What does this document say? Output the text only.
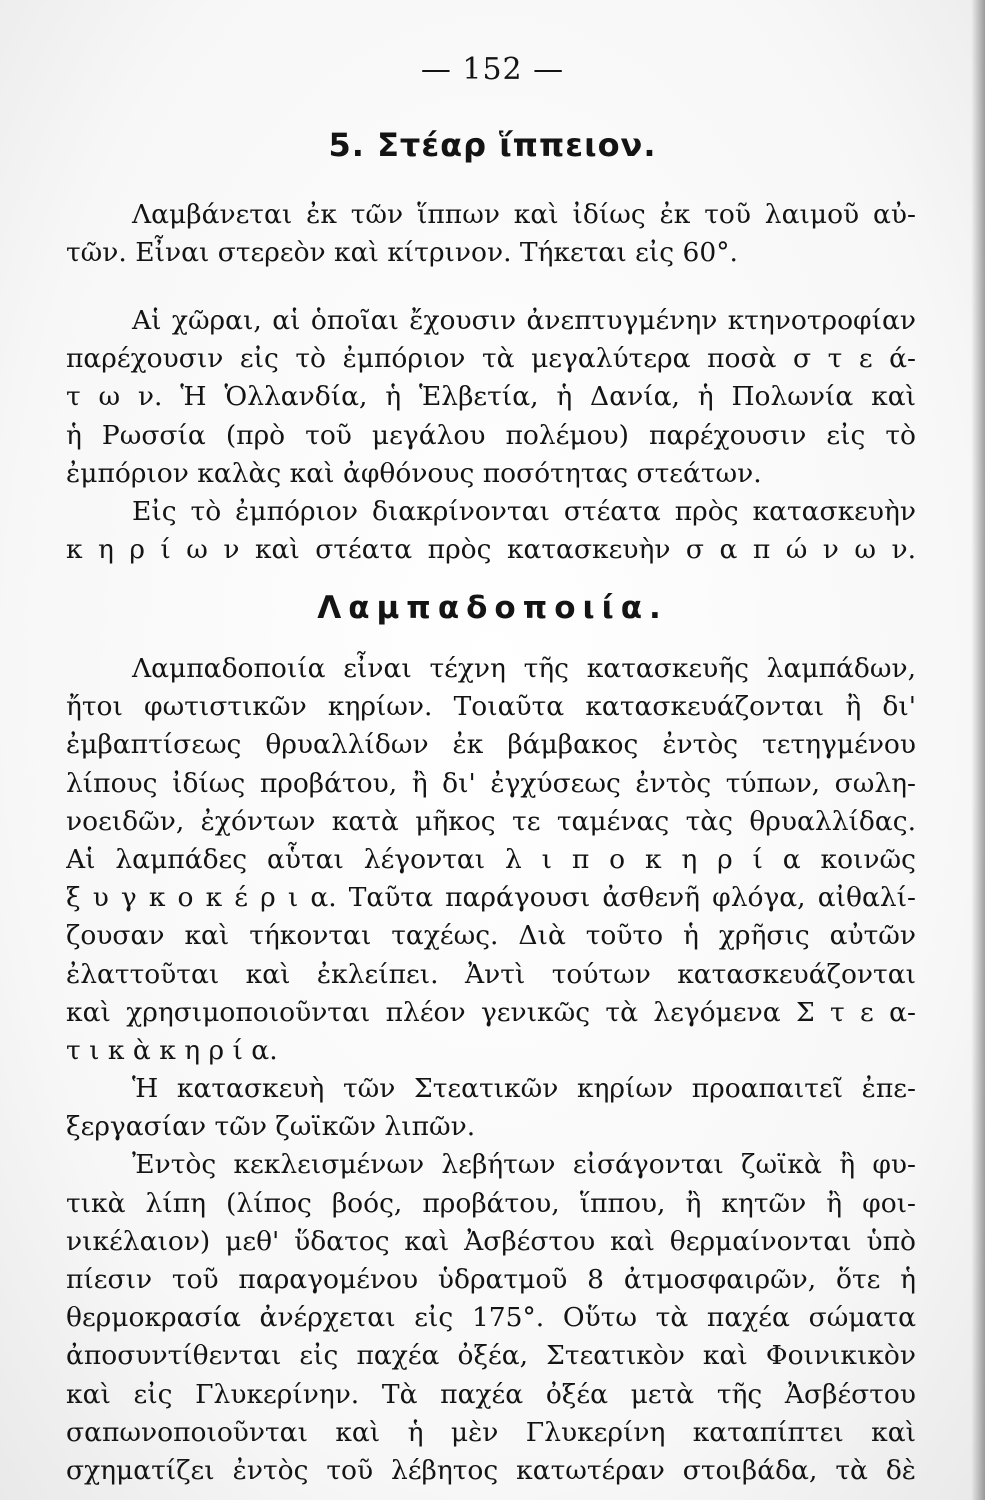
— 152 —
5. Στέαρ ἵππειον.
Λαμβάνεται ἐκ τῶν ἵππων καὶ ἰδίως ἐκ τοῦ λαιμοῦ αὐ-
τῶν. Εἶναι στερεὸν καὶ κίτρινον. Τήκεται εἰς 60°.
Αἱ χῶραι, αἱ ὁποῖαι ἔχουσιν ἀνεπτυγμένην κτηνοτροφίαν
παρέχουσιν εἰς τὸ ἐμπόριον τὰ μεγαλύτερα ποσὰ σ τ ε ά-
τ ω ν. Ἡ Ὁλλανδία, ἡ Ἑλβετία, ἡ Δανία, ἡ Πολωνία καὶ
ἡ Ρωσσία (πρὸ τοῦ μεγάλου πολέμου) παρέχουσιν εἰς τὸ
ἐμπόριον καλὰς καὶ ἀφθόνους ποσότητας στεάτων.
Εἰς τὸ ἐμπόριον διακρίνονται στέατα πρὸς κατασκευὴν
κ η ρ ί ω ν καὶ στέατα πρὸς κατασκευὴν σ α π ώ ν ω ν.
Λαμπαδοποιία.
Λαμπαδοποιία εἶναι τέχνη τῆς κατασκευῆς λαμπάδων,
ἤτοι φωτιστικῶν κηρίων. Τοιαῦτα κατασκευάζονται ἢ δι'
ἐμβαπτίσεως θρυαλλίδων ἐκ βάμβακος ἐντὸς τετηγμένου
λίπους ἰδίως προβάτου, ἢ δι' ἐγχύσεως ἐντὸς τύπων, σωλη-
νοειδῶν, ἐχόντων κατὰ μῆκος τε ταμένας τὰς θρυαλλίδας.
Αἱ λαμπάδες αὗται λέγονται λ ι π ο κ η ρ ί α κοινῶς
ξ υ γ κ ο κ έ ρ ι α. Ταῦτα παράγουσι ἀσθενῆ φλόγα, αἰθαλί-
ζουσαν καὶ τήκονται ταχέως. Διὰ τοῦτο ἡ χρῆσις αὐτῶν
ἐλαττοῦται καὶ ἐκλείπει. Ἀντὶ τούτων κατασκευάζονται
καὶ χρησιμοποιοῦνται πλέον γενικῶς τὰ λεγόμενα Σ τ ε α-
τ ι κ ὰ κ η ρ ί α.
Ἡ κατασκευὴ τῶν Στεατικῶν κηρίων προαπαιτεῖ ἐπε-
ξεργασίαν τῶν ζωϊκῶν λιπῶν.
Ἐντὸς κεκλεισμένων λεβήτων εἰσάγονται ζωϊκὰ ἢ φυ-
τικὰ λίπη (λίπος βοός, προβάτου, ἵππου, ἢ κητῶν ἢ φοι-
νικέλαιον) μεθ' ὕδατος καὶ Ἀσβέστου καὶ θερμαίνονται ὑπὸ
πίεσιν τοῦ παραγομένου ὑδρατμοῦ 8 ἀτμοσφαιρῶν, ὅτε ἡ
θερμοκρασία ἀνέρχεται εἰς 175°. Οὕτω τὰ παχέα σώματα
ἀποσυντίθενται εἰς παχέα ὀξέα, Στεατικὸν καὶ Φοινικικὸν
καὶ εἰς Γλυκερίνην. Τὰ παχέα ὀξέα μετὰ τῆς Ἀσβέστου
σαπωνοποιοῦνται καὶ ἡ μὲν Γλυκερίνη καταπίπτει καὶ
σχηματίζει ἐντὸς τοῦ λέβητος κατωτέραν στοιβάδα, τὰ δὲ
